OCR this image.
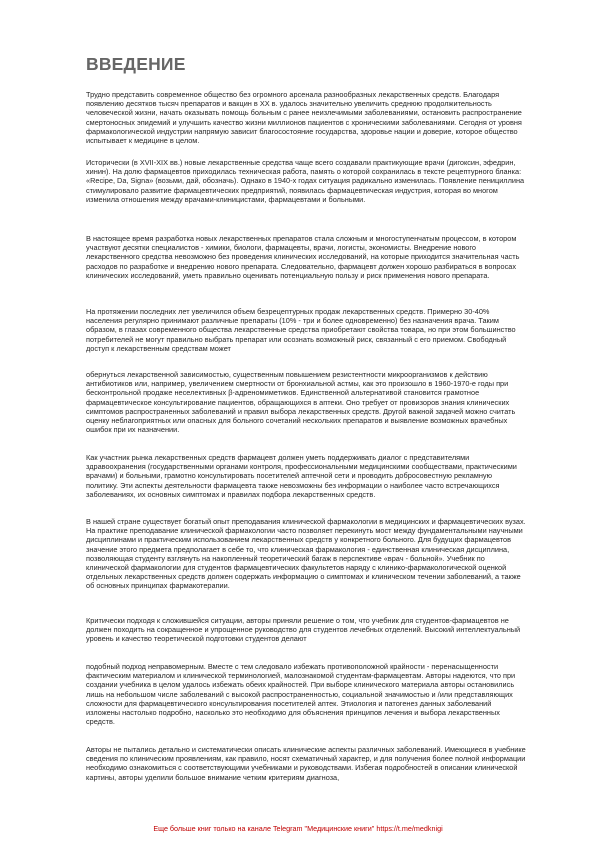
ВВЕДЕНИЕ

Трудно представить современное общество без огромного арсенала разнообразных лекарственных средств. Благодаря появлению десятков тысяч препаратов и вакцин в XX в. удалось значительно увеличить среднюю продолжительность человеческой жизни, начать оказывать помощь больным с ранее неизлечимыми заболеваниями, остановить распространение смертоносных эпидемий и улучшить качество жизни миллионов пациентов с хроническими заболеваниями. Сегодня от уровня фармакологической индустрии напрямую зависит благосостояние государства, здоровье нации и доверие, которое общество испытывает к медицине в целом.

Исторически (в XVII-XIX вв.) новые лекарственные средства чаще всего создавали практикующие врачи (дигоксин, эфедрин, хинин). На долю фармацевтов приходилась техническая работа, память о которой сохранилась в тексте рецептурного бланка: «Recipe, Da, Signa» (возьми, дай, обозначь). Однако в 1940-х годах ситуация радикально изменилась. Появление пенициллина стимулировало развитие фармацевтических предприятий, появилась фармацевтическая индустрия, которая во многом изменила отношения между врачами-клиницистами, фармацевтами и больными.

В настоящее время разработка новых лекарственных препаратов стала сложным и многоступенчатым процессом, в котором участвуют десятки специалистов - химики, биологи, фармацевты, врачи, логисты, экономисты. Внедрение нового лекарственного средства невозможно без проведения клинических исследований, на которые приходится значительная часть расходов по разработке и внедрению нового препарата. Следовательно, фармацевт должен хорошо разбираться в вопросах клинических исследований, уметь правильно оценивать потенциальную пользу и риск применения нового препарата.

На протяжении последних лет увеличился объем безрецептурных продаж лекарственных средств. Примерно 30-40% населения регулярно принимают различные препараты (10% - три и более одновременно) без назначения врача. Таким образом, в глазах современного общества лекарственные средства приобретают свойства товара, но при этом большинство потребителей не могут правильно выбрать препарат или осознать возможный риск, связанный с его приемом. Свободный доступ к лекарственным средствам может

обернуться лекарственной зависимостью, существенным повышением резистентности микроорганизмов к действию антибиотиков или, например, увеличением смертности от бронхиальной астмы, как это произошло в 1960-1970-е годы при бесконтрольной продаже неселективных β-адреномиметиков. Единственной альтернативой становится грамотное фармацевтическое консультирование пациентов, обращающихся в аптеки. Оно требует от провизоров знания клинических симптомов распространенных заболеваний и правил выбора лекарственных средств. Другой важной задачей можно считать оценку неблагоприятных или опасных для больного сочетаний нескольких препаратов и выявление возможных врачебных ошибок при их назначении.

Как участник рынка лекарственных средств фармацевт должен уметь поддерживать диалог с представителями здравоохранения (государственными органами контроля, профессиональными медицинскими сообществами, практическими врачами) и больными, грамотно консультировать посетителей аптечной сети и проводить добросовестную рекламную политику. Эти аспекты деятельности фармацевта также невозможны без информации о наиболее часто встречающихся заболеваниях, их основных симптомах и правилах подбора лекарственных средств.

В нашей стране существует богатый опыт преподавания клинической фармакологии в медицинских и фармацевтических вузах. На практике преподавание клинической фармакологии часто позволяет перекинуть мост между фундаментальными научными дисциплинами и практическим использованием лекарственных средств у конкретного больного. Для будущих фармацевтов значение этого предмета предполагает в себе то, что клиническая фармакология - единственная клиническая дисциплина, позволяющая студенту взглянуть на накопленный теоретический багаж в перспективе «врач - больной». Учебник по клинической фармакологии для студентов фармацевтических факультетов наряду с клинико-фармакологической оценкой отдельных лекарственных средств должен содержать информацию о симптомах и клиническом течении заболеваний, а также об основных принципах фармакотерапии.

Критически подходя к сложившейся ситуации, авторы приняли решение о том, что учебник для студентов-фармацевтов не должен походить на сокращенное и упрощенное руководство для студентов лечебных отделений. Высокий интеллектуальный уровень и качество теоретической подготовки студентов делают

подобный подход неправомерным. Вместе с тем следовало избежать противоположной крайности - перенасыщенности фактическим материалом и клинической терминологией, малознакомой студентам-фармацевтам. Авторы надеются, что при создании учебника в целом удалось избежать обеих крайностей. При выборе клинического материала авторы остановились лишь на небольшом числе заболеваний с высокой распространенностью, социальной значимостью и /или представляющих сложности для фармацевтического консультирования посетителей аптек. Этиология и патогенез данных заболеваний изложены настолько подробно, насколько это необходимо для объяснения принципов лечения и выбора лекарственных средств.

Авторы не пытались детально и систематически описать клинические аспекты различных заболеваний. Имеющиеся в учебнике сведения по клиническим проявлениям, как правило, носят схематичный характер, и для получения более полной информации необходимо ознакомиться с соответствующими учебниками и руководствами. Избегая подробностей в описании клинической картины, авторы уделили большое внимание четким критериям диагноза,

Еще больше книг только на канале Telegram "Медицинские книги" https://t.me/medknigi
